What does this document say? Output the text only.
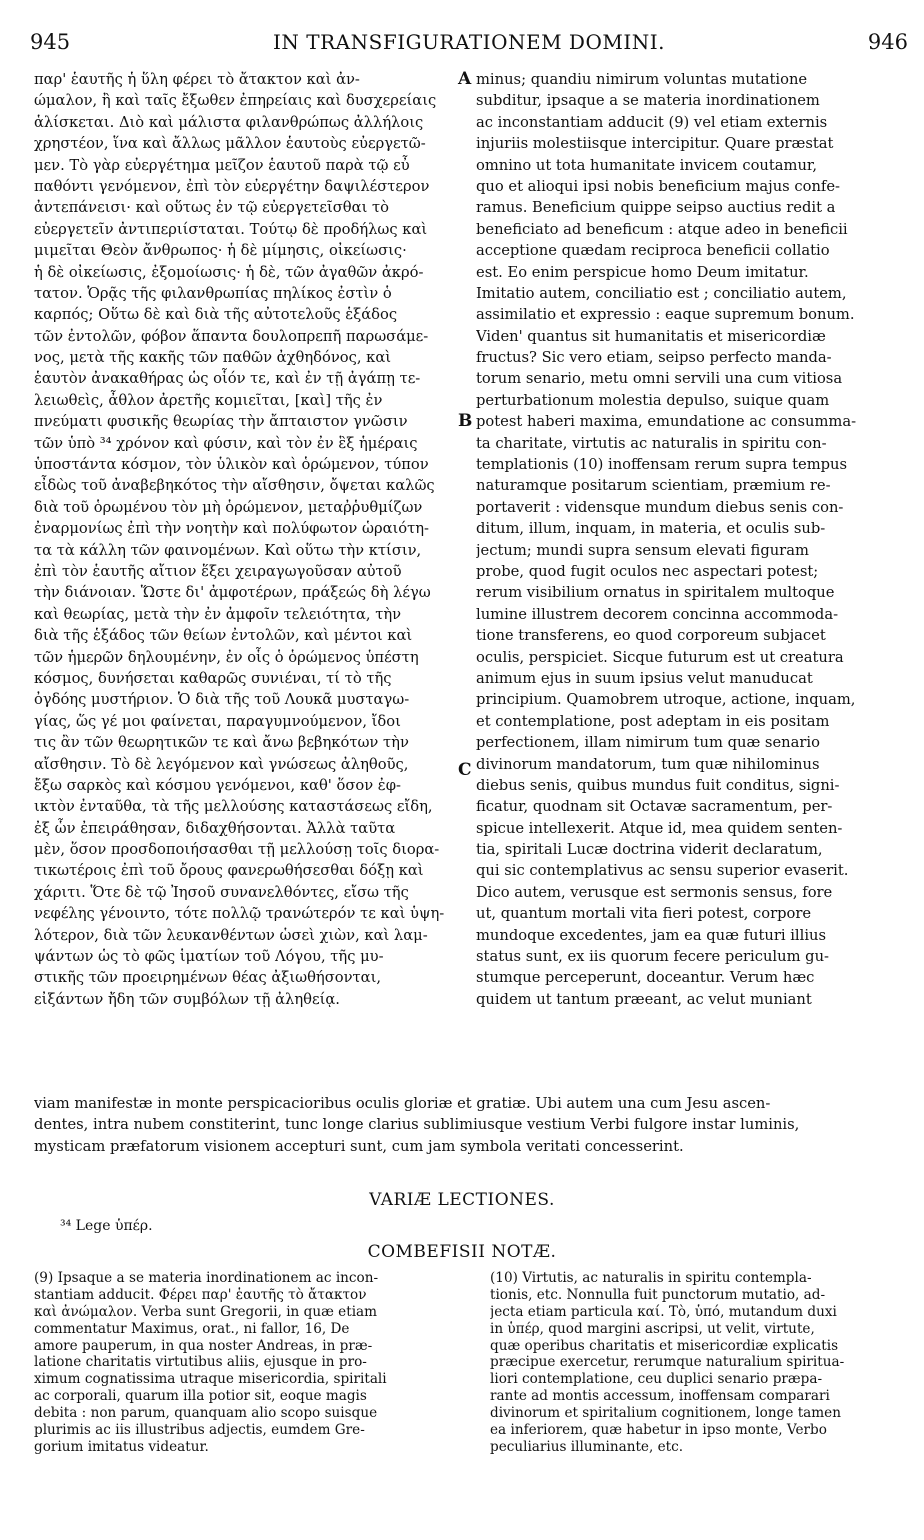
945	IN TRANSFIGURATIONEM DOMINI.	946
παρ' ἑαυτῆς ἡ ὕλη φέρει τὸ ἄτακτον καὶ ἀν-
ώμαλον, ἢ καὶ ταῖς ἔξωθεν ἐπηρείαις καὶ δυσχερείαις
ἁλίσκεται. Διὸ καὶ μάλιστα φιλανθρώπως ἀλλήλοις
χρηστέον, ἵνα καὶ ἄλλως μᾶλλον ἑαυτοὺς εὐεργετῶ-
μεν. Τὸ γὰρ εὐεργέτημα μεῖζον ἑαυτοῦ παρὰ τῷ εὖ
παθόντι γενόμενον, ἐπὶ τὸν εὐεργέτην δαψιλέστερον
ἀντεπάνεισι· καὶ οὕτως ἐν τῷ εὐεργετεῖσθαι τὸ
εὐεργετεῖν ἀντιπεριίσταται. Τούτῳ δὲ προδήλως καὶ
μιμεῖται Θεὸν ἄνθρωπος· ἡ δὲ μίμησις, οἰκείωσις·
ἡ δὲ οἰκείωσις, ἐξομοίωσις· ἡ δὲ, τῶν ἀγαθῶν ἀκρό-
τατον. Ὁρᾷς τῆς φιλανθρωπίας πηλίκος ἐστὶν ὁ
καρπός; Οὕτω δὲ καὶ διὰ τῆς αὐτοτελοῦς ἑξάδος
τῶν ἐντολῶν, φόβον ἅπαντα δουλοπρεπῆ παρωσάμε-
νος, μετὰ τῆς κακῆς τῶν παθῶν ἀχθηδόνος, καὶ
ἑαυτὸν ἀνακαθήρας ὡς οἷόν τε, καὶ ἐν τῇ ἀγάπῃ τε-
λειωθεὶς, ἆθλον ἀρετῆς κομιεῖται, [καὶ] τῆς ἐν
πνεύματι φυσικῆς θεωρίας τὴν ἄπταιστον γνῶσιν
τῶν ὑπὸ ³⁴ χρόνον καὶ φύσιν, καὶ τὸν ἐν ἓξ ἡμέραις
ὑποστάντα κόσμον, τὸν ὑλικὸν καὶ ὁρώμενον, τύπον
εἶδὼς τοῦ ἀναβεβηκότος τὴν αἴσθησιν, ὄψεται καλῶς
διὰ τοῦ ὁρωμένου τὸν μὴ ὁρώμενον, μεταῤῥυθμίζων
ἐναρμονίως ἐπὶ τὴν νοητὴν καὶ πολύφωτον ὡραιότη-
τα τὰ κάλλη τῶν φαινομένων. Καὶ οὕτω τὴν κτίσιν,
ἐπὶ τὸν ἑαυτῆς αἴτιον ἕξει χειραγωγοῦσαν αὐτοῦ
τὴν διάνοιαν. Ὥστε δι' ἀμφοτέρων, πράξεώς δὴ λέγω
καὶ θεωρίας, μετὰ τὴν ἐν ἀμφοῖν τελειότητα, τὴν
διὰ τῆς ἑξάδος τῶν θείων ἐντολῶν, καὶ μέντοι καὶ
τῶν ἡμερῶν δηλουμένην, ἐν οἷς ὁ ὁρώμενος ὑπέστη
κόσμος, δυνήσεται καθαρῶς συνιέναι, τί τὸ τῆς
ὀγδόης μυστήριον. Ὁ διὰ τῆς τοῦ Λουκᾶ μυσταγω-
γίας, ὥς γέ μοι φαίνεται, παραγυμνούμενον, ἴδοι
τις ἂν τῶν θεωρητικῶν τε καὶ ἄνω βεβηκότων τὴν
αἴσθησιν. Τὸ δὲ λεγόμενον καὶ γνώσεως ἀληθοῦς,
ἔξω σαρκὸς καὶ κόσμου γενόμενοι, καθ' ὅσον ἐφ-
ικτὸν ἐνταῦθα, τὰ τῆς μελλούσης καταστάσεως εἴδη,
ἐξ ὧν ἐπειράθησαν, διδαχθήσονται. Ἀλλὰ ταῦτα
μὲν, ὅσον προσδοποιήσασθαι τῇ μελλούσῃ τοῖς διορα-
τικωτέροις ἐπὶ τοῦ ὄρους φανερωθήσεσθαι δόξῃ καὶ
χάριτι. Ὅτε δὲ τῷ Ἰησοῦ συνανελθόντες, εἴσω τῆς
νεφέλης γένοιντο, τότε πολλῷ τρανώτερόν τε καὶ ὑψη-
λότερον, διὰ τῶν λευκανθέντων ὡσεὶ χιὼν, καὶ λαμ-
ψάντων ὡς τὸ φῶς ἱματίων τοῦ Λόγου, τῆς μυ-
στικῆς τῶν προειρημένων θέας ἀξιωθήσονται,
εἰξάντων ἤδη τῶν συμβόλων τῇ ἀληθείᾳ.
A
B
C
minus; quandiu nimirum voluntas mutatione
subditur, ipsaque a se materia inordinationem
ac inconstantiam adducit (9) vel etiam externis
injuriis molestiisque intercipitur. Quare præstat
omnino ut tota humanitate invicem coutamur,
quo et alioqui ipsi nobis beneficium majus confe-
ramus. Beneficium quippe seipso auctius redit a
beneficiato ad beneficum : atque adeo in beneficii
acceptione quædam reciproca beneficii collatio
est. Eo enim perspicue homo Deum imitatur.
Imitatio autem, conciliatio est ; conciliatio autem,
assimilatio et expressio : eaque supremum bonum.
Viden' quantus sit humanitatis et misericordiæ
fructus? Sic vero etiam, seipso perfecto manda-
torum senario, metu omni servili una cum vitiosa
perturbationum molestia depulso, suique quam
potest haberi maxima, emundatione ac consumma-
ta charitate, virtutis ac naturalis in spiritu con-
templationis (10) inoffensam rerum supra tempus
naturamque positarum scientiam, præmium re-
portaverit : vidensque mundum diebus senis con-
ditum, illum, inquam, in materia, et oculis sub-
jectum; mundi supra sensum elevati figuram
probe, quod fugit oculos nec aspectari potest;
rerum visibilium ornatus in spiritalem multoque
lumine illustrem decorem concinna accommoda-
tione transferens, eo quod corporeum subjacet
oculis, perspiciet. Sicque futurum est ut creatura
animum ejus in suum ipsius velut manuducat
principium. Quamobrem utroque, actione, inquam,
et contemplatione, post adeptam in eis positam
perfectionem, illam nimirum tum quæ senario
divinorum mandatorum, tum quæ nihilominus
diebus senis, quibus mundus fuit conditus, signi-
ficatur, quodnam sit Octavæ sacramentum, per-
spicue intellexerit. Atque id, mea quidem senten-
tia, spiritali Lucæ doctrina viderit declaratum,
qui sic contemplativus ac sensu superior evaserit.
Dico autem, verusque est sermonis sensus, fore
ut, quantum mortali vita fieri potest, corpore
mundoque excedentes, jam ea quæ futuri illius
status sunt, ex iis quorum fecere periculum gu-
stumque perceperunt, doceantur. Verum hæc
quidem ut tantum præeant, ac velut muniant
viam manifestæ in monte perspicacioribus oculis gloriæ et gratiæ. Ubi autem una cum Jesu ascen-
dentes, intra nubem constiterint, tunc longe clarius sublimiusque vestium Verbi fulgore instar luminis,
mysticam præfatorum visionem accepturi sunt, cum jam symbola veritati concesserint.
VARIÆ LECTIONES.
³⁴ Lege ὑπέρ.
COMBEFISII NOTÆ.
(9) Ipsaque a se materia inordinationem ac incon-
stantiam adducit. Φέρει παρ' ἑαυτῆς τὸ ἄτακτον
καὶ ἀνώμαλον. Verba sunt Gregorii, in quæ etiam
commentatur Maximus, orat., ni fallor, 16, De
amore pauperum, in qua noster Andreas, in præ-
latione charitatis virtutibus aliis, ejusque in pro-
ximum cognatissima utraque misericordia, spiritali
ac corporali, quarum illa potior sit, eoque magis
debita : non parum, quanquam alio scopo suisque
plurimis ac iis illustribus adjectis, eumdem Gre-
gorium imitatus videatur.
(10) Virtutis, ac naturalis in spiritu contempla-
tionis, etc. Nonnulla fuit punctorum mutatio, ad-
jecta etiam particula καί. Τὸ, ὑπό, mutandum duxi
in ὑπέρ, quod margini ascripsi, ut velit, virtute,
quæ operibus charitatis et misericordiæ explicatis
præcipue exercetur, rerumque naturalium spiritua-
liori contemplatione, ceu duplici senario præpa-
rante ad montis accessum, inoffensam comparari
divinorum et spiritalium cognitionem, longe tamen
ea inferiorem, quæ habetur in ipso monte, Verbo
peculiarius illuminante, etc.
